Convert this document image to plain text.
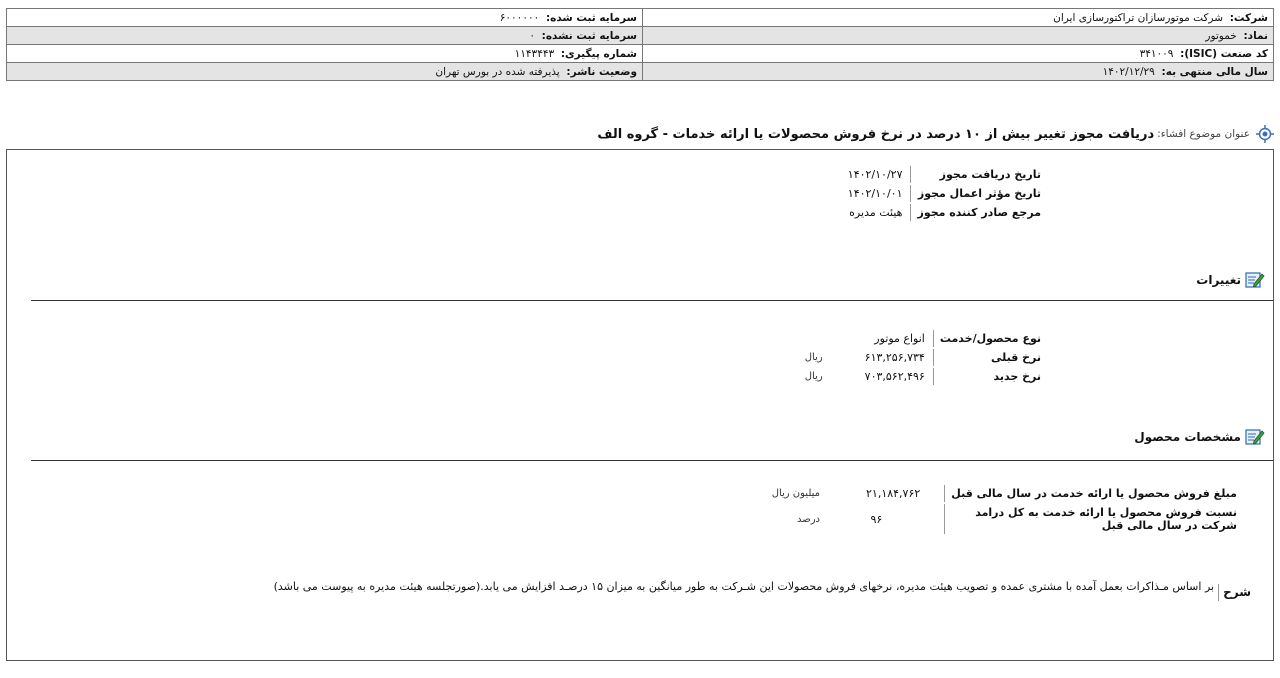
شرکت:  شرکت موتورسازان تراکتورسازی ایران	سرمایه ثبت شده:  ۶۰۰۰۰۰۰
نماد:  خموتور	سرمایه ثبت نشده:  ۰
کد صنعت (ISIC):  ۳۴۱۰۰۹	شماره پیگیری:  ۱۱۴۳۴۴۳
سال مالی منتهی به:  ۱۴۰۲/۱۲/۲۹	وضعیت ناشر:  پذیرفته شده در بورس تهران
عنوان موضوع افشاء:
دریافت مجوز تغییر بیش از ۱۰ درصد در نرخ فروش محصولات یا ارائه خدمات - گروه الف
تاریخ دریافت مجوز	۱۴۰۲/۱۰/۲۷
تاریخ مؤثر اعمال مجوز	۱۴۰۲/۱۰/۰۱
مرجع صادر کننده مجوز	هیئت مدیره
تغییرات
نوع محصول/خدمت	انواع موتور	
نرخ قبلی	۶۱۳,۲۵۶,۷۳۴	ریال
نرخ جدید	۷۰۳,۵۶۲,۴۹۶	ریال
مشخصات محصول
مبلغ فروش محصول یا ارائه خدمت در سال مالی قبل	۲۱,۱۸۴,۷۶۲	میلیون ریال

نسبت فروش محصول یا ارائه خدمت به کل درامد
شرکت در سال مالی قبل	۹۶	درصد
شرح
بر اساس مـذاکرات بعمل آمده با مشتری عمده و تصویب هیئت مدیره، نرخهای فروش محصولات این شـرکت به طور میانگین به میزان ۱۵ درصـد افزایش می یابد.(صورتجلسه هیئت مدیره به پیوست می باشد)
